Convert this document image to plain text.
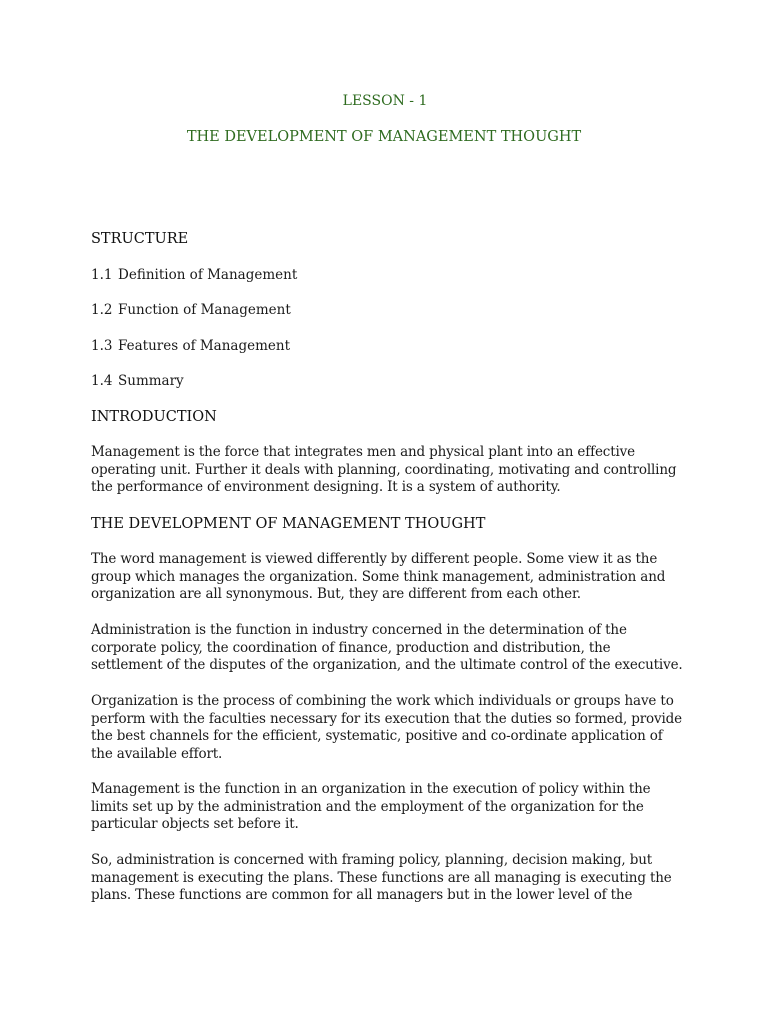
LESSON - 1
THE DEVELOPMENT OF MANAGEMENT THOUGHT
STRUCTURE
1.1 Definition of Management
1.2 Function of Management
1.3 Features of Management
1.4 Summary
INTRODUCTION

Management is the force that integrates men and physical plant into an effective
operating unit. Further it deals with planning, coordinating, motivating and controlling
the performance of environment designing. It is a system of authority.

THE DEVELOPMENT OF MANAGEMENT THOUGHT

The word management is viewed differently by different people. Some view it as the
group which manages the organization. Some think management, administration and
organization are all synonymous. But, they are different from each other.

Administration is the function in industry concerned in the determination of the
corporate policy, the coordination of finance, production and distribution, the
settlement of the disputes of the organization, and the ultimate control of the executive.

Organization is the process of combining the work which individuals or groups have to
perform with the faculties necessary for its execution that the duties so formed, provide
the best channels for the efficient, systematic, positive and co-ordinate application of
the available effort.

Management is the function in an organization in the execution of policy within the
limits set up by the administration and the employment of the organization for the
particular objects set before it.

So, administration is concerned with framing policy, planning, decision making, but
management is executing the plans. These functions are all managing is executing the
plans. These functions are common for all managers but in the lower level of the
